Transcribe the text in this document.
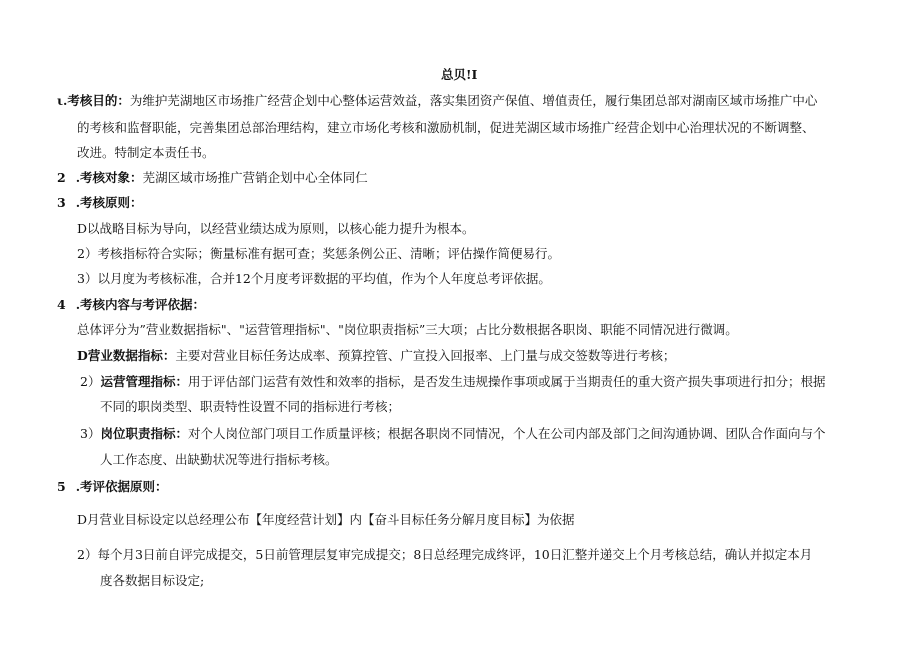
总贝!I
ι.考核目的：为维护芜湖地区市场推广经营企划中心整体运营效益，落实集团资产保值、增值责任，履行集团总部对湖南区域市场推广中心
的考核和监督职能，完善集团总部治理结构，建立市场化考核和激励机制，促进芜湖区域市场推广经营企划中心治理状况的不断调整、
改进。特制定本责任书。
2 .考核对象：芜湖区域市场推广营销企划中心全体同仁
3 .考核原则：
D以战略目标为导向，以经营业绩达成为原则，以核心能力提升为根本。
2）考核指标符合实际；衡量标准有据可查；奖惩条例公正、清晰；评估操作简便易行。
3）以月度为考核标准，合并12个月度考评数据的平均值，作为个人年度总考评依据。
4 .考核内容与考评依据：
总体评分为”营业数据指标"、"运营管理指标"、"岗位职责指标”三大项；占比分数根据各职岗、职能不同情况进行微调。
D营业数据指标：主要对营业目标任务达成率、预算控管、广宣投入回报率、上门量与成交签数等进行考核；
2）运营管理指标：用于评估部门运营有效性和效率的指标，是否发生违规操作事项或属于当期责任的重大资产损失事项进行扣分；根据
不同的职岗类型、职责特性设置不同的指标进行考核；
3）岗位职责指标：对个人岗位部门项目工作质量评核；根据各职岗不同情况，个人在公司内部及部门之间沟通协调、团队合作面向与个
人工作态度、出缺勤状况等进行指标考核。
5 .考评依据原则：
D月营业目标设定以总经理公布【年度经营计划】内【奋斗目标任务分解月度目标】为依据
2）每个月3日前自评完成提交，5日前管理层复审完成提交；8日总经理完成终评，10日汇整并递交上个月考核总结，确认并拟定本月
度各数据目标设定;
